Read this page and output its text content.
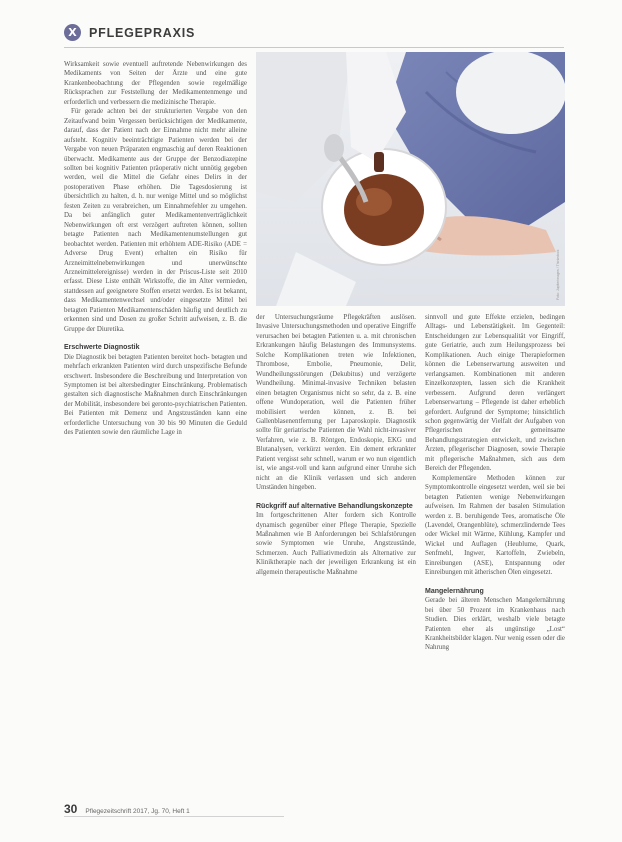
X PFLEGEPRAXIS

Wirksamkeit sowie eventuell auftretende Nebenwirkungen des Medikaments von Seiten der Ärzte und eine gute Krankenbeobachtung der Pflegenden sowie regelmäßige Rücksprachen zur Feststellung der Medikamentenmenge und erforderlich und verbessern die medizinische Therapie.

Für gerade achten bei der strukturierten Vergabe von den Zeitaufwand beim Vergessen berücksichtigen der Medikamente, darauf, dass der Patient nach der Einnahme nicht mehr alleine aufsteht. Kognitiv beeinträchtigte Patienten werden bei der Vergabe von neuen Präparaten engmaschig auf deren Reaktionen überwacht. Medikamente aus der Gruppe der Benzodiazepine sollten bei kognitiv Patienten präoperativ nicht unnötig gegeben werden, weil die Mittel die Gefahr eines Delirs in der postoperativen Phase erhöhen. Die Tagesdosierung ist übersichtlich zu halten, d. h. nur wenige Mittel und so möglichst festen Zeiten zu verabreichen, um Einnahmefehler zu umgehen. Da bei anfänglich guter Medikamentenverträglichkeit Nebenwirkungen oft erst verzögert auftreten können, sollten betagte Patienten nach Medikamentenumstellungen gut beobachtet werden. Patienten mit erhöhtem ADE-Risiko (ADE = Adverse Drug Event) erhalten ein Risiko für Arzneimittelnebenwirkungen und unerwünschte Arzneimittelereignisse) werden in der Priscus-Liste seit 2010 erfasst. Diese Liste enthält Wirkstoffe, die im Alter vermieden, stattdessen auf geeignetere Stoffen ersetzt werden. Es ist bekannt, dass Medikamentenwechsel und/oder eingesetzte Mittel bei betagten Patienten Medikamentenschäden häufig und deutlich zu erkennen sind und Dosen zu großer Schritt aufweisen, z. B. die Gruppe der Diuretika.

Erschwerte Diagnostik

Die Diagnostik bei betagten Patienten bereitet hoch- betagten und mehrfach erkrankten Patienten wird durch unspezifische Befunde erschwert. Insbesondere die Beschreibung und Interpretation von Symptomen ist bei altersbedingter Einschränkung. Problematisch gestalten sich diagnostische Maßnahmen durch Einschränkungen der Mobilität, insbesondere bei geronto-psychiatrischen Patienten. Bei Patienten mit Demenz und Angstzuständen kann eine erforderliche Untersuchung von 30 bis 90 Minuten die Geduld des Patienten sowie den räumliche Lage in

Foto: Jupiterimages / Thinkstock

der Untersuchungsräume Pflegekräften auslösen. Invasive Untersuchungsmethoden und operative Eingriffe verursachen bei betagten Patienten u. a. mit chronischen Erkrankungen häufig Belastungen des Immunsystems. Solche Komplikationen treten wie Infektionen, Thrombose, Embolie, Pneumonie, Delir, Wundheilungsstörungen (Dekubitus) und verzögerte Wundheilung. Minimal-invasive Techniken belasten einen betagten Organismus nicht so sehr, da z. B. eine offene Wundoperation, weil die Patienten früher mobilisiert werden können, z. B. bei Gallenblasenentfernung per Laparoskopie. Diagnostik sollte für geriatrische Patienten die Wahl nicht-invasiver Verfahren, wie z. B. Röntgen, Endoskopie, EKG und Blutanalysen, verkürzt werden. Ein dement erkrankter Patient vergisst sehr schnell, warum er wo nun eigentlich ist, wie angst-voll und kann aufgrund einer Unruhe sich nicht an die Klinik verlassen und sich anderen Umständen hingeben.

Rückgriff auf alternative Behandlungskonzepte

Im fortgeschrittenen Alter fordern sich Kontrolle dynamisch gegenüber einer Pflege Therapie, Spezielle Maßnahmen wie B Anforderungen bei Schlafstörungen sowie Symptomen wie Unruhe, Angstzustände, Schmerzen. Auch Palliativmedizin als Alternative zur Kliniktherapie nach der jeweiligen Erkrankung ist ein allgemein therapeutische Maßnahme

sinnvoll und gute Effekte erzielen, bedingen Alltags- und Lebenstätigkeit. Im Gegenteil: Entscheidungen zur Lebensqualität vor Eingriff, gute Geriatrie, auch zum Heilungsprozess bei Komplikationen. Auch einige Therapieformen können die Lebenserwartung ausweiten und verlangsamen. Kombinationen mit anderen Einzelkonzepten, lassen sich die Krankheit verbessern. Aufgrund deren verlängert Lebenserwartung – Pflegende ist daher erheblich gefordert. Aufgrund der Symptome; hinsichtlich schon gegenwärtig der Vielfalt der Aufgaben von Pflegerischen der gemeinsame Behandlungsstrategien entwickelt, und zwischen Ärzten, pflegerischer Diagnosen, sowie Therapie mit pflegerische Maßnahmen, sich aus dem Bereich der Pflegenden.

Komplementäre Methoden können zur Symptomkontrolle eingesetzt werden, weil sie bei betagten Patienten wenige Nebenwirkungen aufweisen. Im Rahmen der basalen Stimulation werden z. B. beruhigende Tees, aromatische Öle (Lavendel, Orangenblüte), schmerzlindernde Tees oder Wickel mit Wärme, Kühlung, Kampfer und Wickel und Auflagen (Heublume, Quark, Senfmehl, Ingwer, Kartoffeln, Zwiebeln, Einreibungen (ASE), Entspannung oder Einreibungen mit ätherischen Ölen eingesetzt.

Mangelernährung

Gerade bei älteren Menschen Mangelernährung bei über 50 Prozent im Krankenhaus nach Studien. Dies erklärt, weshalb viele betagte Patienten eher als ungünstige „Lost“ Krankheitsbilder klagen. Nur wenig essen oder die Nahrung

30 Pflegezeitschrift 2017, Jg. 70, Heft 1
